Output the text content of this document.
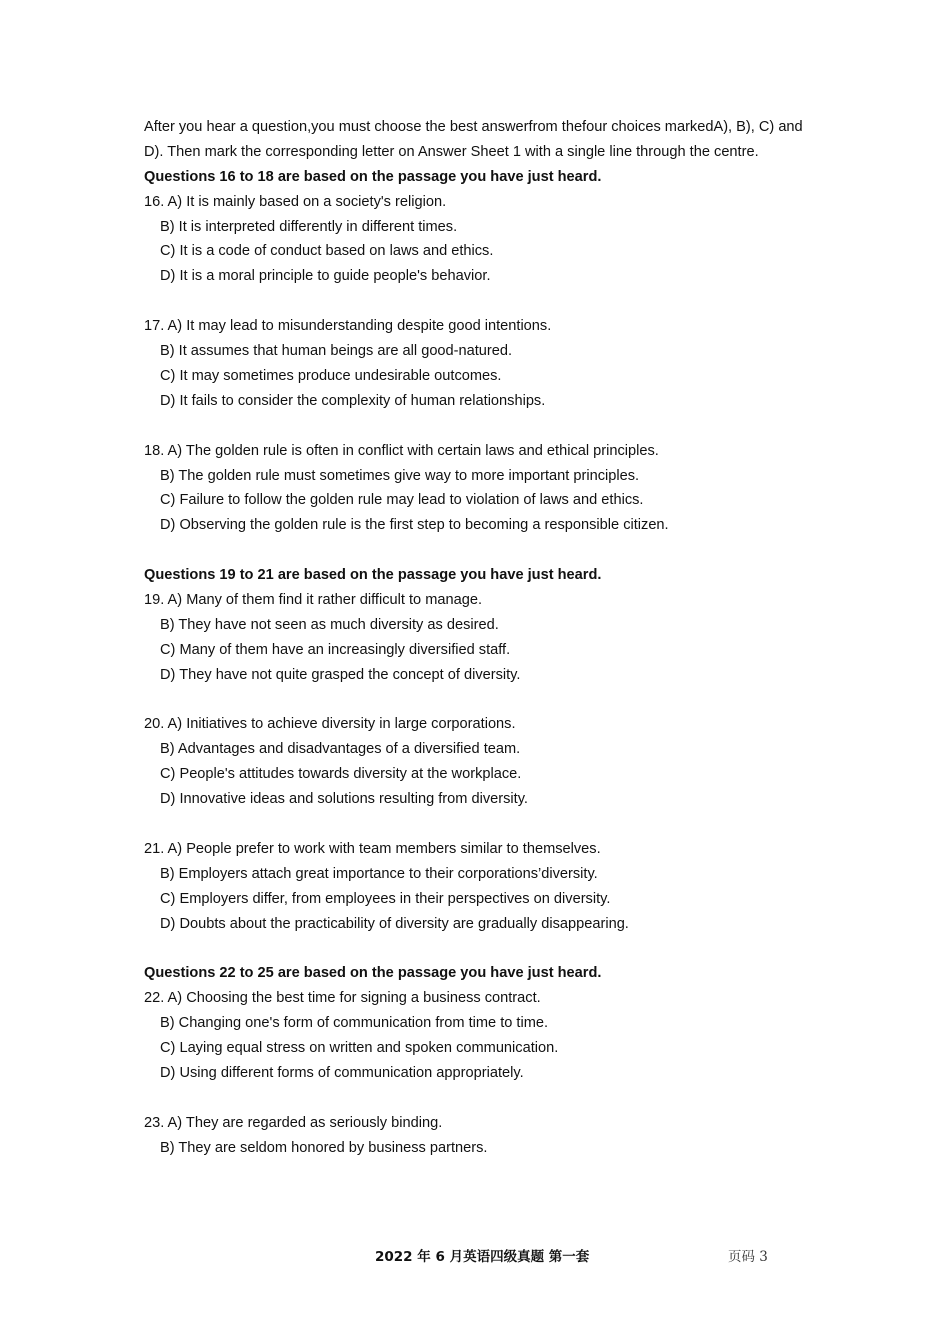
After you hear a question,you must choose the best answerfrom thefour choices markedA), B), C) and D). Then mark the corresponding letter on Answer Sheet 1 with a single line through the centre.
Questions 16 to 18 are based on the passage you have just heard.
16. A) It is mainly based on a society's religion.
B) It is interpreted differently in different times.
C) It is a code of conduct based on laws and ethics.
D) It is a moral principle to guide people's behavior.
17. A) It may lead to misunderstanding despite good intentions.
B) It assumes that human beings are all good-natured.
C) It may sometimes produce undesirable outcomes.
D) It fails to consider the complexity of human relationships.
18. A) The golden rule is often in conflict with certain laws and ethical principles.
B) The golden rule must sometimes give way to more important principles.
C) Failure to follow the golden rule may lead to violation of laws and ethics.
D) Observing the golden rule is the first step to becoming a responsible citizen.
Questions 19 to 21 are based on the passage you have just heard.
19. A) Many of them find it rather difficult to manage.
B) They have not seen as much diversity as desired.
C) Many of them have an increasingly diversified staff.
D) They have not quite grasped the concept of diversity.
20. A) Initiatives to achieve diversity in large corporations.
B) Advantages and disadvantages of a diversified team.
C) People's attitudes towards diversity at the workplace.
D) Innovative ideas and solutions resulting from diversity.
21. A) People prefer to work with team members similar to themselves.
B) Employers attach great importance to their corporations’diversity.
C) Employers differ, from employees in their perspectives on diversity.
D) Doubts about the practicability of diversity are gradually disappearing.
Questions 22 to 25 are based on the passage you have just heard.
22. A) Choosing the best time for signing a business contract.
B) Changing one's form of communication from time to time.
C) Laying equal stress on written and spoken communication.
D) Using different forms of communication appropriately.
23. A) They are regarded as seriously binding.
B) They are seldom honored by business partners.
2022 年 6 月英语四级真题 第一套	页码 3
